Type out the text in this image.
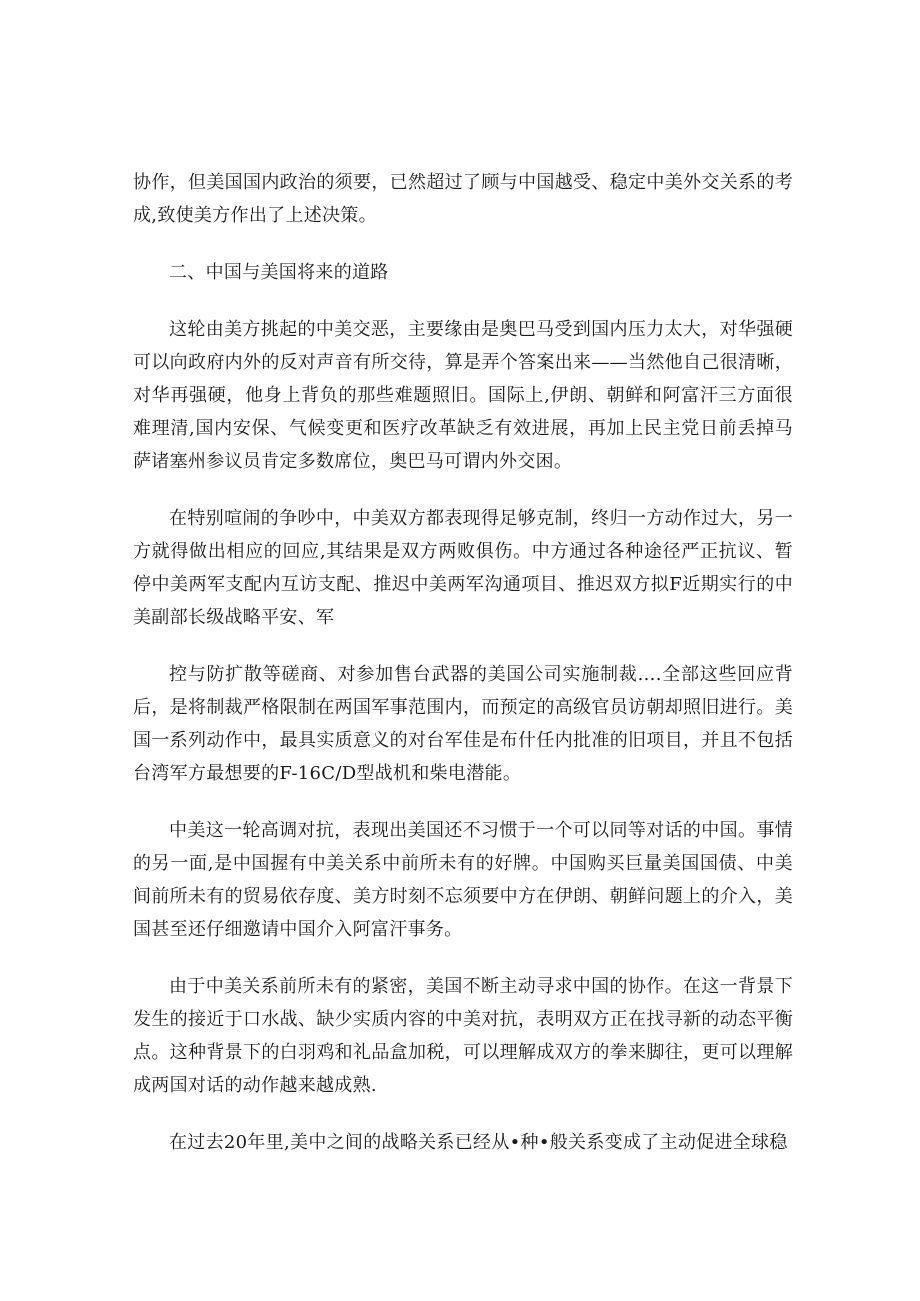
协作，但美国国内政治的须要，已然超过了顾与中国越受、稳定中美外交关系的考成,致使美方作出了上述决策。

二、中国与美国将来的道路

这轮由美方挑起的中美交恶，主要缘由是奥巴马受到国内压力太大，对华强硬可以向政府内外的反对声音有所交待，算是弄个答案出来——当然他自己很清晰，对华再强硬，他身上背负的那些难题照旧。国际上,伊朗、朝鲜和阿富汗三方面很难理清,国内安保、气候变更和医疗改革缺乏有效进展，再加上民主党日前丢掉马萨诸塞州参议员肯定多数席位，奥巴马可谓内外交困。

在特别喧闹的争吵中，中美双方都表现得足够克制，终归一方动作过大，另一方就得做出相应的回应,其结果是双方两败俱伤。中方通过各种途径严正抗议、暂停中美两军支配内互访支配、推迟中美两军沟通项目、推迟双方拟F近期实行的中美副部长级战略平安、军

控与防扩散等磋商、对参加售台武器的美国公司实施制裁….全部这些回应背后，是将制裁严格限制在两国军事范围内，而预定的高级官员访朝却照旧进行。美国一系列动作中，最具实质意义的对台军佳是布什任内批准的旧项目，并且不包括台湾军方最想要的F-16C/D型战机和柴电潜能。

中美这一轮高调对抗，表现出美国还不习惯于一个可以同等对话的中国。事情的另一面,是中国握有中美关系中前所未有的好牌。中国购买巨量美国国债、中美间前所未有的贸易依存度、美方时刻不忘须要中方在伊朗、朝鲜问题上的介入，美国甚至还仔细邀请中国介入阿富汗事务。

由于中美关系前所未有的紧密，美国不断主动寻求中国的协作。在这一背景下发生的接近于口水战、缺少实质内容的中美对抗，表明双方正在找寻新的动态平衡点。这种背景下的白羽鸡和礼品盒加税，可以理解成双方的拳来脚往，更可以理解成两国对话的动作越来越成熟.

在过去20年里,美中之间的战略关系已经从•种•般关系变成了主动促进全球稳
